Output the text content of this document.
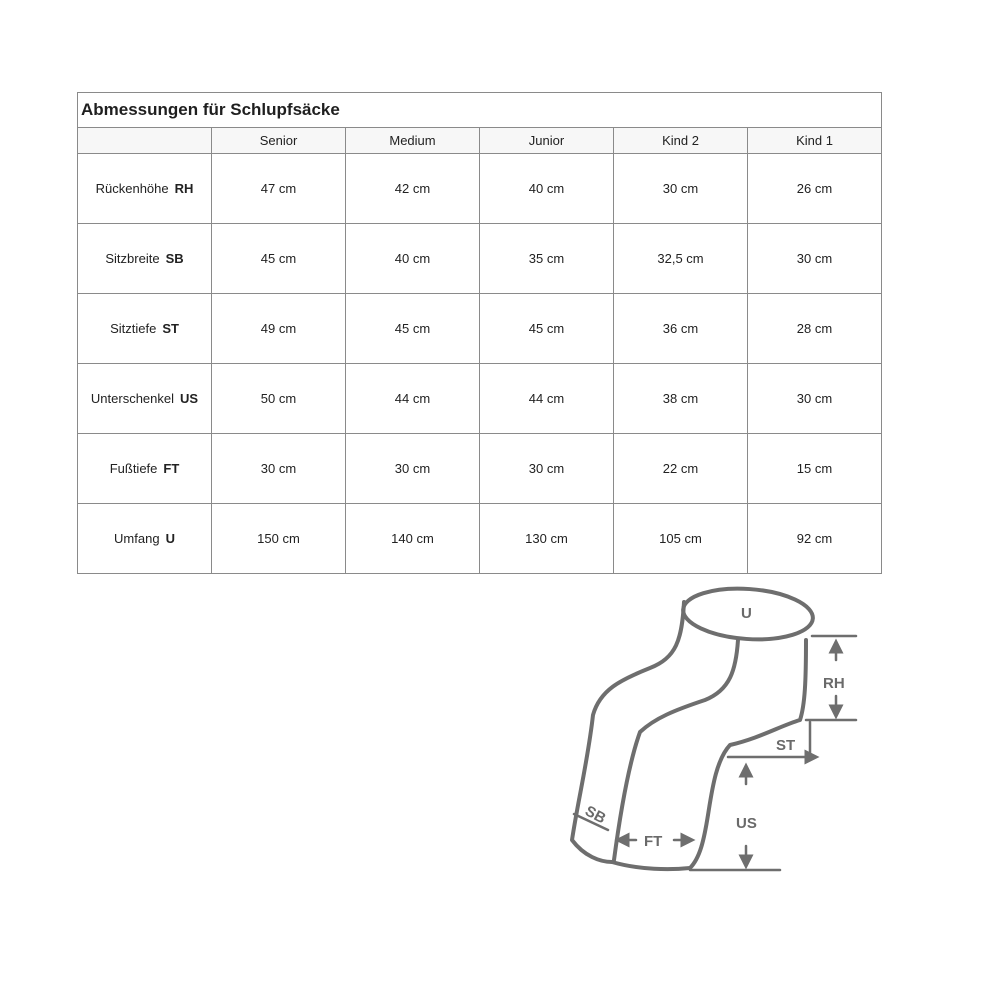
Abmessungen für Schlupfsäcke					
	Senior	Medium	Junior	Kind 2	Kind 1
Rückenhöhe RH	47 cm	42 cm	40 cm	30 cm	26 cm
Sitzbreite SB	45 cm	40 cm	35 cm	32,5 cm	30 cm
Sitztiefe ST	49 cm	45 cm	45 cm	36 cm	28 cm
Unterschenkel US	50 cm	44 cm	44 cm	38 cm	30 cm
Fußtiefe FT	30 cm	30 cm	30 cm	22 cm	15 cm
Umfang U	150 cm	140 cm	130 cm	105 cm	92 cm
U
RH
ST
US
FT
SB
